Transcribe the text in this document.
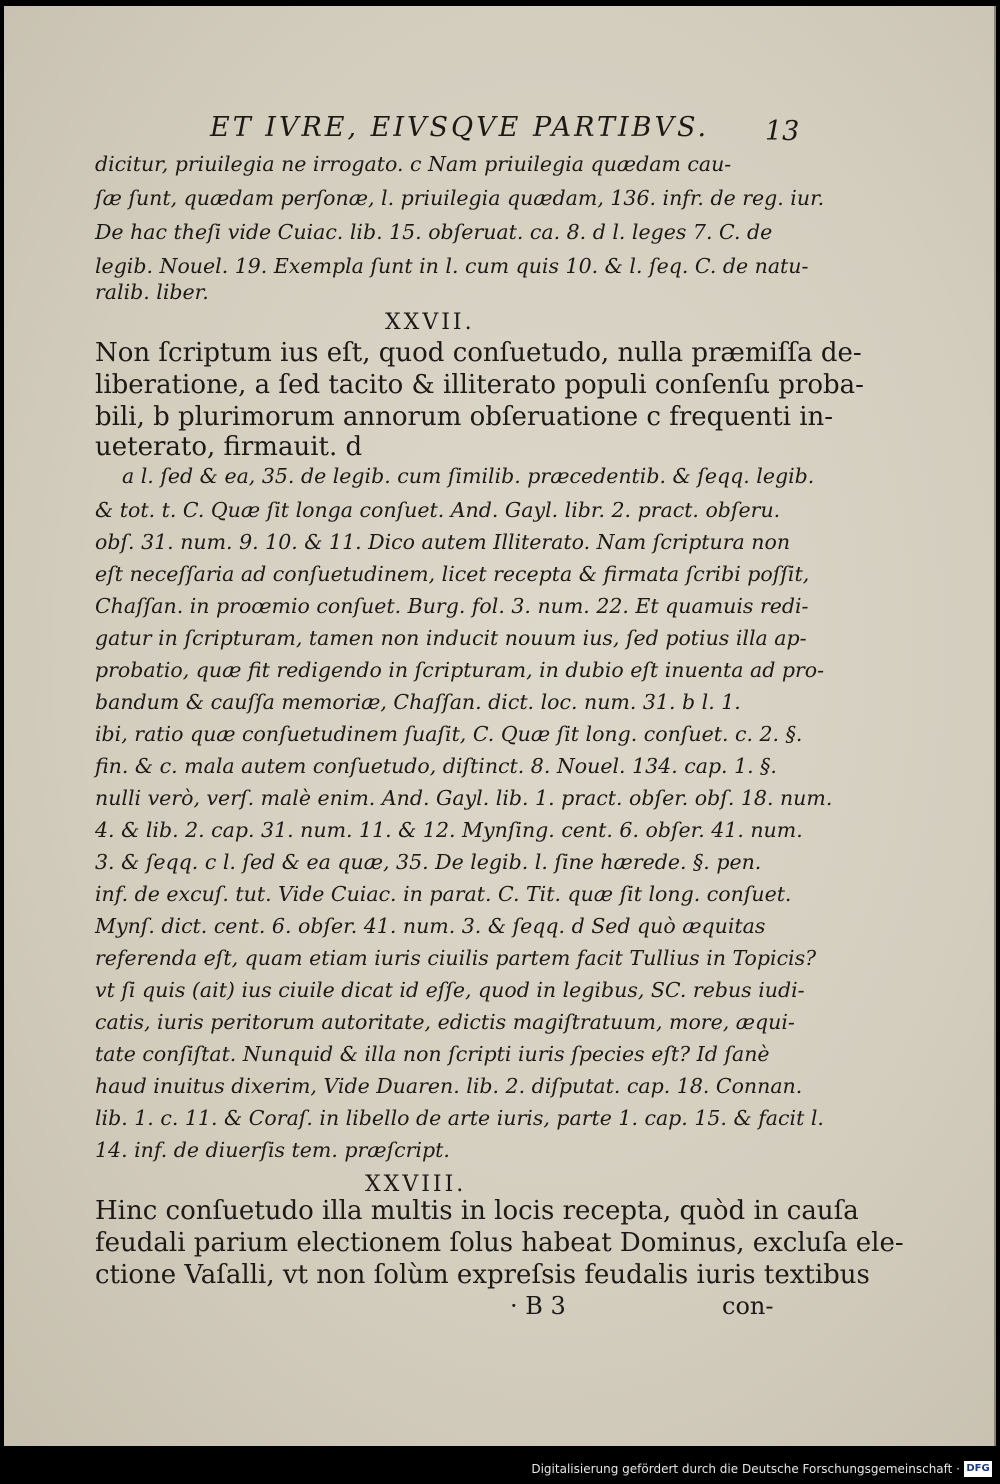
ET IVRE, EIVSQVE PARTIBVS. 13
dicitur, priuilegia ne irrogato. c Nam priuilegia quædam cau-
ſæ ſunt, quædam perſonæ, l. priuilegia quædam, 136. infr. de reg. iur.
De hac theſi vide Cuiac. lib. 15. obſeruat. ca. 8. d l. leges 7. C. de
legib. Nouel. 19. Exempla ſunt in l. cum quis 10. & l. ſeq. C. de natu-
ralib. liber.
XXVII.
Non ſcriptum ius eſt, quod conſuetudo, nulla præmiſſa de-
liberatione, a ſed tacito & illiterato populi conſenſu proba-
bili, b plurimorum annorum obſeruatione c frequenti in-
ueterato, firmauit. d
a l. ſed & ea, 35. de legib. cum ſimilib. præcedentib. & ſeqq. legib.
& tot. t. C. Quæ ſit longa conſuet. And. Gayl. libr. 2. pract. obſeru.
obſ. 31. num. 9. 10. & 11. Dico autem Illiterato. Nam ſcriptura non
eſt neceſſaria ad conſuetudinem, licet recepta & firmata ſcribi poſſit,
Chaſſan. in proœmio conſuet. Burg. fol. 3. num. 22. Et quamuis redi-
gatur in ſcripturam, tamen non inducit nouum ius, ſed potius illa ap-
probatio, quæ fit redigendo in ſcripturam, in dubio eſt inuenta ad pro-
bandum & cauſſa memoriæ, Chaſſan. dict. loc. num. 31. b l. 1.
ibi, ratio quæ conſuetudinem ſuaſit, C. Quæ ſit long. conſuet. c. 2. §.
fin. & c. mala autem conſuetudo, diſtinct. 8. Nouel. 134. cap. 1. §.
nulli verò, verſ. malè enim. And. Gayl. lib. 1. pract. obſer. obſ. 18. num.
4. & lib. 2. cap. 31. num. 11. & 12. Mynſing. cent. 6. obſer. 41. num.
3. & ſeqq. c l. ſed & ea quæ, 35. De legib. l. ſine hærede. §. pen.
inf. de excuſ. tut. Vide Cuiac. in parat. C. Tit. quæ ſit long. conſuet.
Mynſ. dict. cent. 6. obſer. 41. num. 3. & ſeqq. d Sed quò æquitas
referenda eſt, quam etiam iuris ciuilis partem facit Tullius in Topicis?
vt ſi quis (ait) ius ciuile dicat id eſſe, quod in legibus, SC. rebus iudi-
catis, iuris peritorum autoritate, edictis magiſtratuum, more, æqui-
tate conſiſtat. Nunquid & illa non ſcripti iuris ſpecies eſt? Id ſanè
haud inuitus dixerim, Vide Duaren. lib. 2. diſputat. cap. 18. Connan.
lib. 1. c. 11. & Coraſ. in libello de arte iuris, parte 1. cap. 15. & facit l.
14. inf. de diuerſis tem. præſcript.
XXVIII.
Hinc conſuetudo illa multis in locis recepta, quòd in cauſa
feudali parium electionem ſolus habeat Dominus, excluſa ele-
ctione Vaſalli, vt non ſolùm expreſsis feudalis iuris textibus
· B 3	con-
Digitalisierung gefördert durch die Deutsche Forschungsgemeinschaft · DFG
